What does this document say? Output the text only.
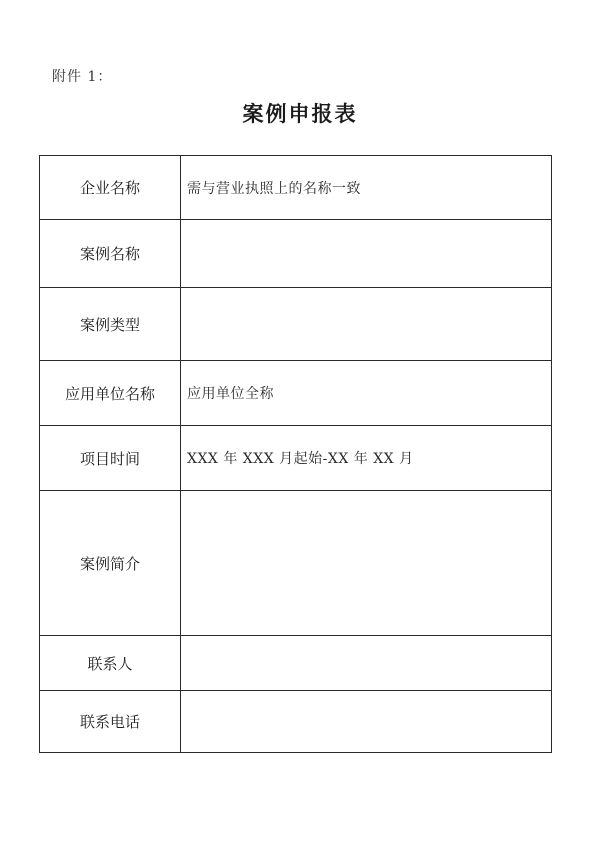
附件 1：
案例申报表
企业名称	需与营业执照上的名称一致
案例名称	
案例类型	
应用单位名称	应用单位全称
项目时间	XXX 年 XXX 月起始-XX 年 XX 月
案例简介	
联系人	
联系电话	
